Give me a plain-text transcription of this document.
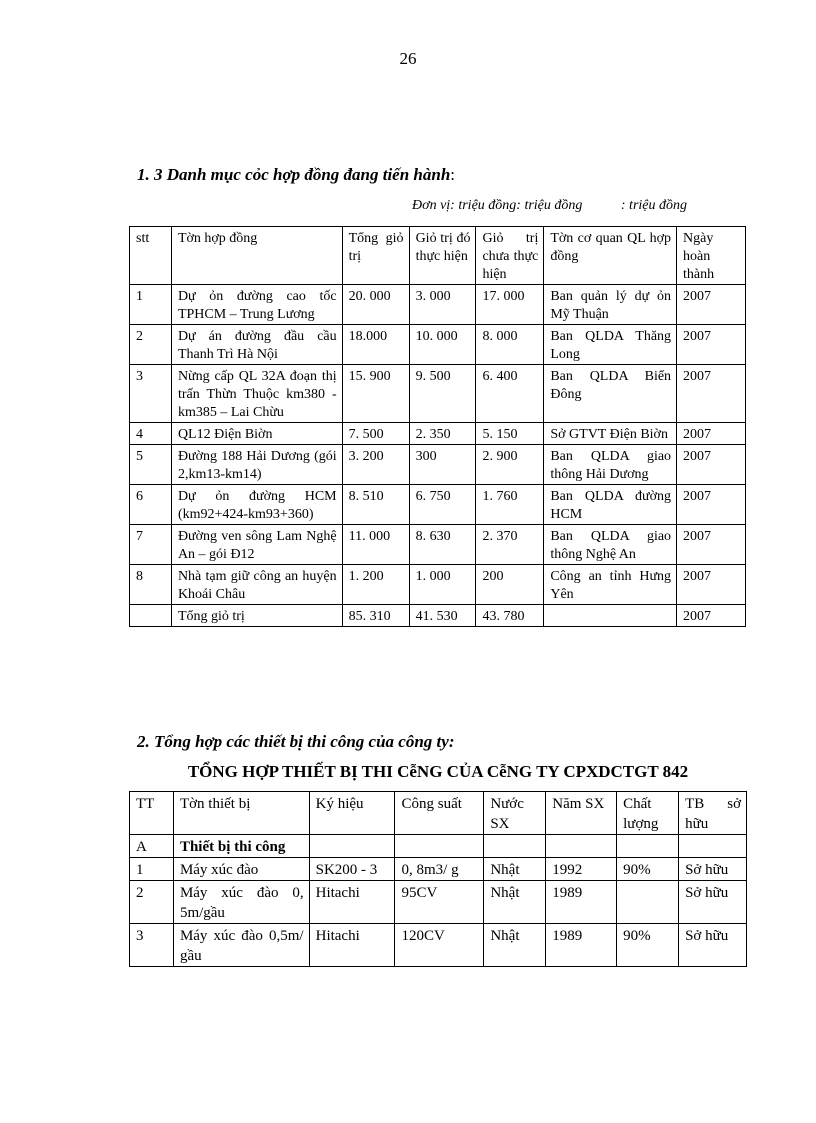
26
1. 3 Danh mục cỏc hợp đồng đang tiến hành:
Đơn vị: triệu đồng: triệu đồng           : triệu đồng
stt	Tờn hợp đồng	Tổng giỏ trị	Giỏ trị đó thực hiện	Giỏ trị chưa thực hiện	Tờn cơ quan QL hợp đồng	Ngày hoàn thành
1	Dự ỏn đường cao tốc TPHCM – Trung Lương	20. 000	3. 000	17. 000	Ban quản lý dự ỏn Mỹ Thuận	2007
2	Dự án đường đầu cầu Thanh Trì Hà Nội	18.000	10. 000	8. 000	Ban QLDA Thăng Long	2007
3	Nừng cấp QL 32A đoạn thị trấn Thừn Thuộc km380 - km385 – Lai Chừu	15. 900	9. 500	6. 400	Ban QLDA Biển Đông	2007
4	QL12 Điện Biờn	7. 500	2. 350	5. 150	Sở GTVT Điện Biờn	2007
5	Đường 188 Hải Dương (gói 2,km13-km14)	3. 200	300	2. 900	Ban QLDA giao thông Hải Dương	2007
6	Dự ỏn đường HCM (km92+424-km93+360)	8. 510	6. 750	1. 760	Ban QLDA đường HCM	2007
7	Đường ven sông Lam Nghệ An – gói Đ12	11. 000	8. 630	2. 370	Ban QLDA giao thông Nghệ An	2007
8	Nhà tạm giữ công an huyện Khoái Châu	1. 200	1. 000	200	Công an tỉnh Hưng Yên	2007
	Tổng giỏ trị	85. 310	41. 530	43. 780		2007
2. Tổng hợp các thiết bị thi công của công ty:
TỔNG HỢP THIẾT BỊ THI CễNG CỦA CễNG TY CPXDCTGT 842
TT	Tờn thiết bị	Ký hiệu	Công suất	Nước SX	Năm SX	Chất lượng	TB sở hữu
A	Thiết bị thi công						
1	Máy xúc đào	SK200 - 3	0, 8m3/ g	Nhật	1992	90%	Sở hữu
2	Máy xúc đào 0, 5m/gầu	Hitachi	95CV	Nhật	1989		Sở hữu
3	Máy xúc đào 0,5m/ gầu	Hitachi	120CV	Nhật	1989	90%	Sở hữu
